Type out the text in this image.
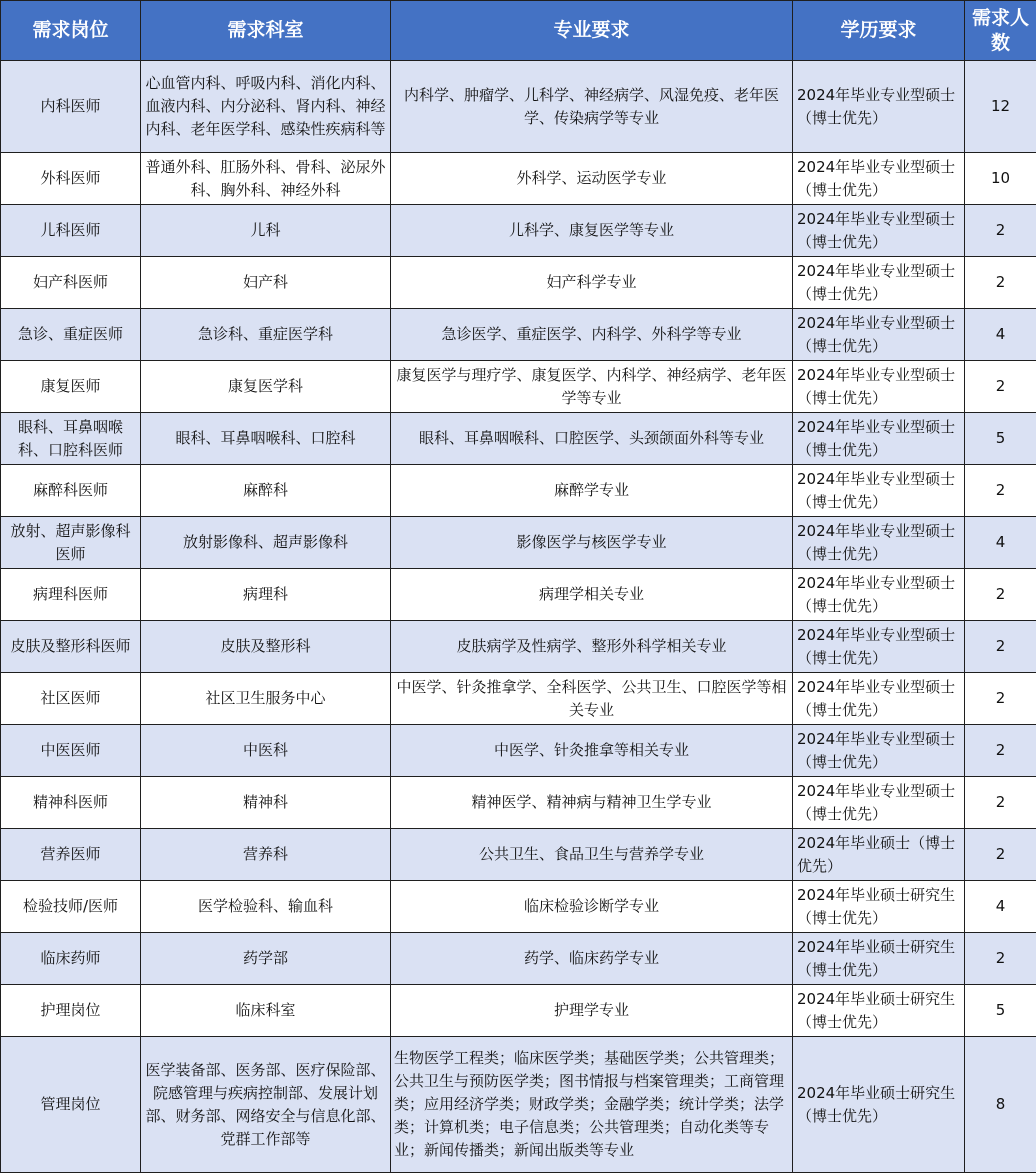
需求岗位	需求科室	专业要求	学历要求	需求人数
内科医师	心血管内科、呼吸内科、消化内科、血液内科、内分泌科、肾内科、神经内科、老年医学科、感染性疾病科等	内科学、肿瘤学、儿科学、神经病学、风湿免疫、老年医学、传染病学等专业	2024年毕业专业型硕士（博士优先）	12
外科医师	普通外科、肛肠外科、骨科、泌尿外科、胸外科、神经外科	外科学、运动医学专业	2024年毕业专业型硕士（博士优先）	10
儿科医师	儿科	儿科学、康复医学等专业	2024年毕业专业型硕士（博士优先）	2
妇产科医师	妇产科	妇产科学专业	2024年毕业专业型硕士（博士优先）	2
急诊、重症医师	急诊科、重症医学科	急诊医学、重症医学、内科学、外科学等专业	2024年毕业专业型硕士（博士优先）	4
康复医师	康复医学科	康复医学与理疗学、康复医学、内科学、神经病学、老年医学等专业	2024年毕业专业型硕士（博士优先）	2
眼科、耳鼻咽喉科、口腔科医师	眼科、耳鼻咽喉科、口腔科	眼科、耳鼻咽喉科、口腔医学、头颈颌面外科等专业	2024年毕业专业型硕士（博士优先）	5
麻醉科医师	麻醉科	麻醉学专业	2024年毕业专业型硕士（博士优先）	2
放射、超声影像科医师	放射影像科、超声影像科	影像医学与核医学专业	2024年毕业专业型硕士（博士优先）	4
病理科医师	病理科	病理学相关专业	2024年毕业专业型硕士（博士优先）	2
皮肤及整形科医师	皮肤及整形科	皮肤病学及性病学、整形外科学相关专业	2024年毕业专业型硕士（博士优先）	2
社区医师	社区卫生服务中心	中医学、针灸推拿学、全科医学、公共卫生、口腔医学等相关专业	2024年毕业专业型硕士（博士优先）	2
中医医师	中医科	中医学、针灸推拿等相关专业	2024年毕业专业型硕士（博士优先）	2
精神科医师	精神科	精神医学、精神病与精神卫生学专业	2024年毕业专业型硕士（博士优先）	2
营养医师	营养科	公共卫生、食品卫生与营养学专业	2024年毕业硕士（博士优先）	2
检验技师/医师	医学检验科、输血科	临床检验诊断学专业	2024年毕业硕士研究生（博士优先）	4
临床药师	药学部	药学、临床药学专业	2024年毕业硕士研究生（博士优先）	2
护理岗位	临床科室	护理学专业	2024年毕业硕士研究生（博士优先）	5
管理岗位	医学装备部、医务部、医疗保险部、院感管理与疾病控制部、发展计划部、财务部、网络安全与信息化部、党群工作部等	生物医学工程类；临床医学类；基础医学类；公共管理类；公共卫生与预防医学类；图书情报与档案管理类；工商管理类；应用经济学类；财政学类；金融学类；统计学类；法学类；计算机类；电子信息类；公共管理类；自动化类等专业；新闻传播类；新闻出版类等专业	2024年毕业硕士研究生（博士优先）	8
